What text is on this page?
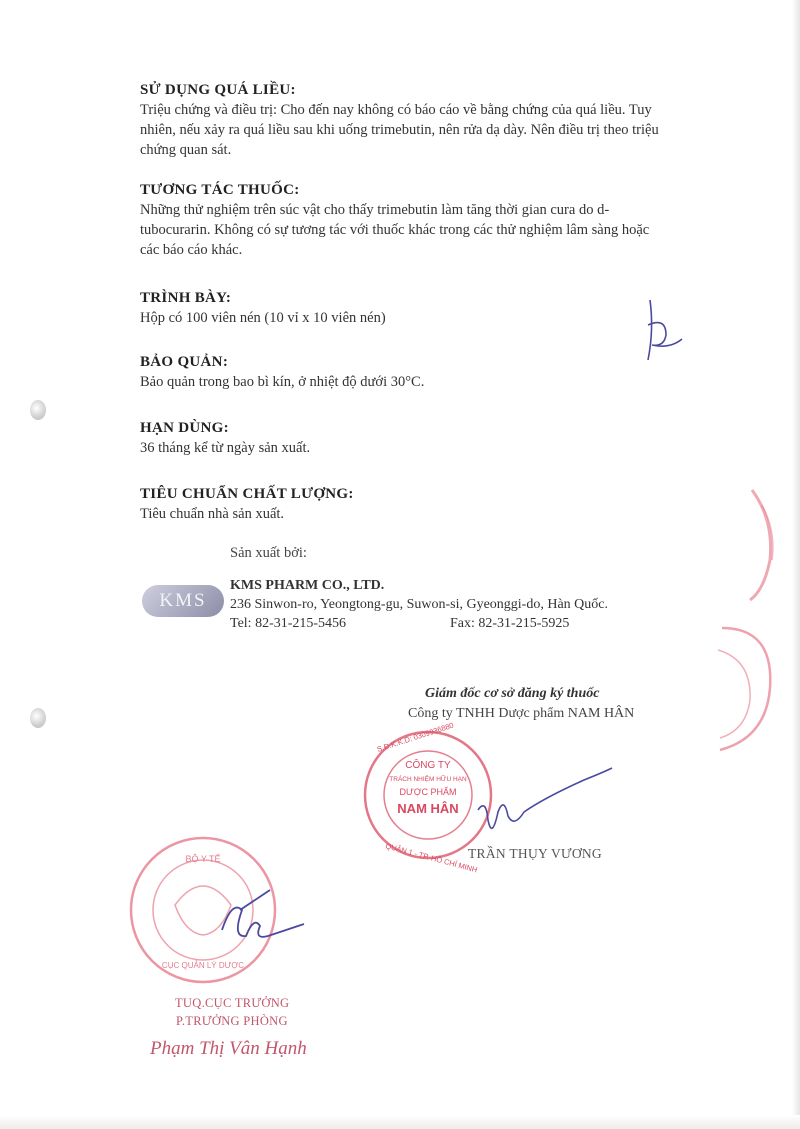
SỬ DỤNG QUÁ LIỀU:

Triệu chứng và điều trị: Cho đến nay không có báo cáo về bằng chứng của quá liều. Tuy

nhiên, nếu xảy ra quá liều sau khi uống trimebutin, nên rửa dạ dày. Nên điều trị theo triệu

chứng quan sát.

TƯƠNG TÁC THUỐC:

Những thử nghiệm trên súc vật cho thấy trimebutin làm tăng thời gian cura do d-

tubocurarin. Không có sự tương tác với thuốc khác trong các thử nghiệm lâm sàng hoặc

các báo cáo khác.

TRÌNH BÀY:

Hộp có 100 viên nén (10 vỉ x 10 viên nén)

BẢO QUẢN:

Bảo quản trong bao bì kín, ở nhiệt độ dưới 30°C.

HẠN DÙNG:

36 tháng kể từ ngày sản xuất.

TIÊU CHUẨN CHẤT LƯỢNG:

Tiêu chuẩn nhà sản xuất.

Sản xuất bởi:
KMS
KMS PHARM CO., LTD.
236 Sinwon-ro, Yeongtong-gu, Suwon-si, Gyeonggi-do, Hàn Quốc.
Tel: 82-31-215-5456	Fax: 82-31-215-5925
Giám đốc cơ sở đăng ký thuốc
Công ty TNHH Dược phẩm NAM HÂN
TRẦN THỤY VƯƠNG
TUQ.CỤC TRƯỞNG
P.TRƯỞNG PHÒNG
Phạm Thị Vân Hạnh
CÔNG TY
TRÁCH NHIỆM HỮU HẠN
DƯỢC PHẨM
NAM HÂN
S.Đ.K.K.D: 0309936880
QUẬN 1 - TP. HỒ CHÍ MINH
BỘ Y TẾ
CỤC QUẢN LÝ DƯỢC
